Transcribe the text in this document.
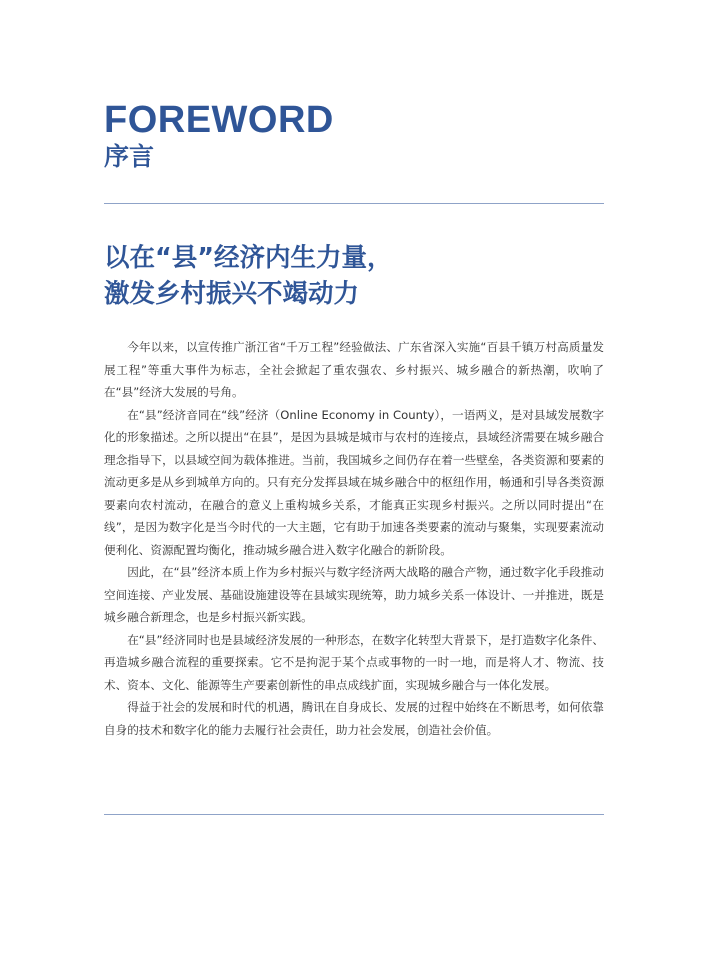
FOREWORD
序言
以在“县”经济内生力量，
激发乡村振兴不竭动力

今年以来，以宣传推广浙江省“千万工程”经验做法、广东省深入实施“百县千镇万村高质量发展工程”等重大事件为标志，全社会掀起了重农强农、乡村振兴、城乡融合的新热潮，吹响了在“县”经济大发展的号角。

在“县”经济音同在“线”经济（Online Economy in County），一语两义，是对县域发展数字化的形象描述。之所以提出“在县”，是因为县城是城市与农村的连接点，县域经济需要在城乡融合理念指导下，以县域空间为载体推进。当前，我国城乡之间仍存在着一些壁垒，各类资源和要素的流动更多是从乡到城单方向的。只有充分发挥县域在城乡融合中的枢纽作用，畅通和引导各类资源要素向农村流动，在融合的意义上重构城乡关系，才能真正实现乡村振兴。之所以同时提出“在线”，是因为数字化是当今时代的一大主题，它有助于加速各类要素的流动与聚集，实现要素流动便利化、资源配置均衡化，推动城乡融合进入数字化融合的新阶段。

因此，在“县”经济本质上作为乡村振兴与数字经济两大战略的融合产物，通过数字化手段推动空间连接、产业发展、基础设施建设等在县域实现统筹，助力城乡关系一体设计、一并推进，既是城乡融合新理念，也是乡村振兴新实践。

在“县”经济同时也是县域经济发展的一种形态，在数字化转型大背景下，是打造数字化条件、再造城乡融合流程的重要探索。它不是拘泥于某个点或事物的一时一地，而是将人才、物流、技术、资本、文化、能源等生产要素创新性的串点成线扩面，实现城乡融合与一体化发展。

得益于社会的发展和时代的机遇，腾讯在自身成长、发展的过程中始终在不断思考，如何依靠自身的技术和数字化的能力去履行社会责任，助力社会发展，创造社会价值。
